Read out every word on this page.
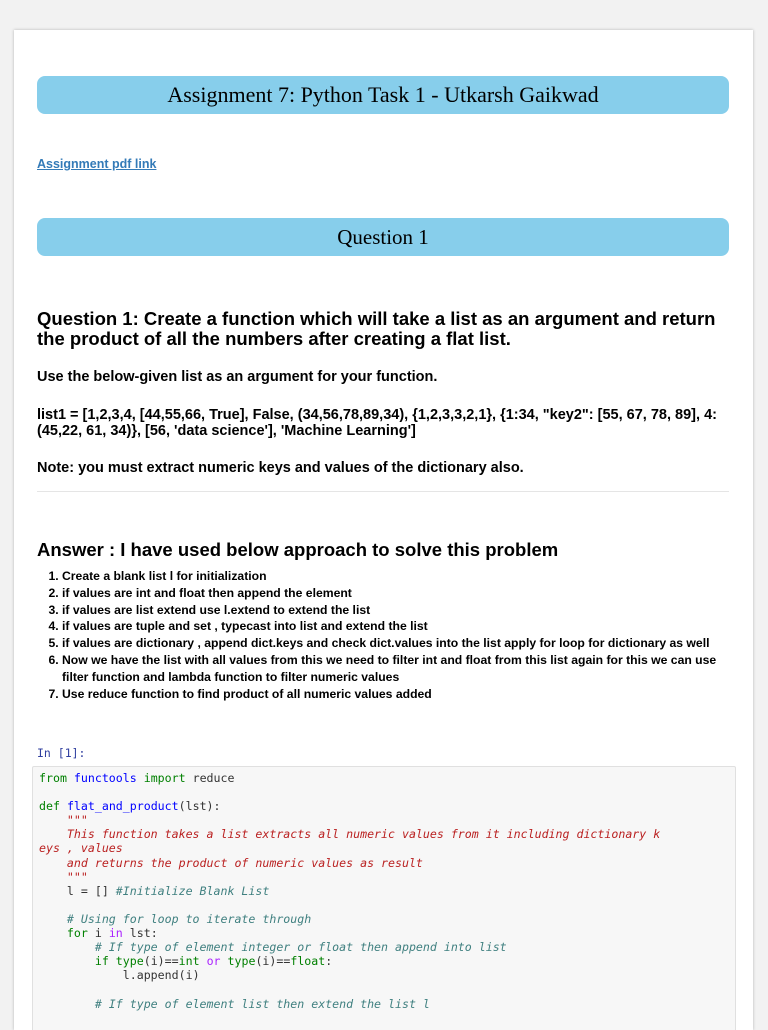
Assignment 7: Python Task 1 - Utkarsh Gaikwad
Assignment pdf link
Question 1
Question 1: Create a function which will take a list as an argument and return the product of all the numbers after creating a flat list.
Use the below-given list as an argument for your function.
list1 = [1,2,3,4, [44,55,66, True], False, (34,56,78,89,34), {1,2,3,3,2,1}, {1:34, "key2": [55, 67, 78, 89], 4: (45,22, 61, 34)}, [56, 'data science'], 'Machine Learning']
Note: you must extract numeric keys and values of the dictionary also.
Answer : I have used below approach to solve this problem
1. Create a blank list l for initialization
2. if values are int and float then append the element
3. if values are list extend use l.extend to extend the list
4. if values are tuple and set , typecast into list and extend the list
5. if values are dictionary , append dict.keys and check dict.values into the list apply for loop for dictionary as well
6. Now we have the list with all values from this we need to filter int and float from this list again for this we can use filter function and lambda function to filter numeric values
7. Use reduce function to find product of all numeric values added
In [1]:
from functools import reduce

def flat_and_product(lst):
"""
This function takes a list extracts all numeric values from it including dictionary k
eys , values
and returns the product of numeric values as result
"""
l = [] #Initialize Blank List

# Using for loop to iterate through
for i in lst:
# If type of element integer or float then append into list
if type(i)==int or type(i)==float:
l.append(i)

# If type of element list then extend the list l
